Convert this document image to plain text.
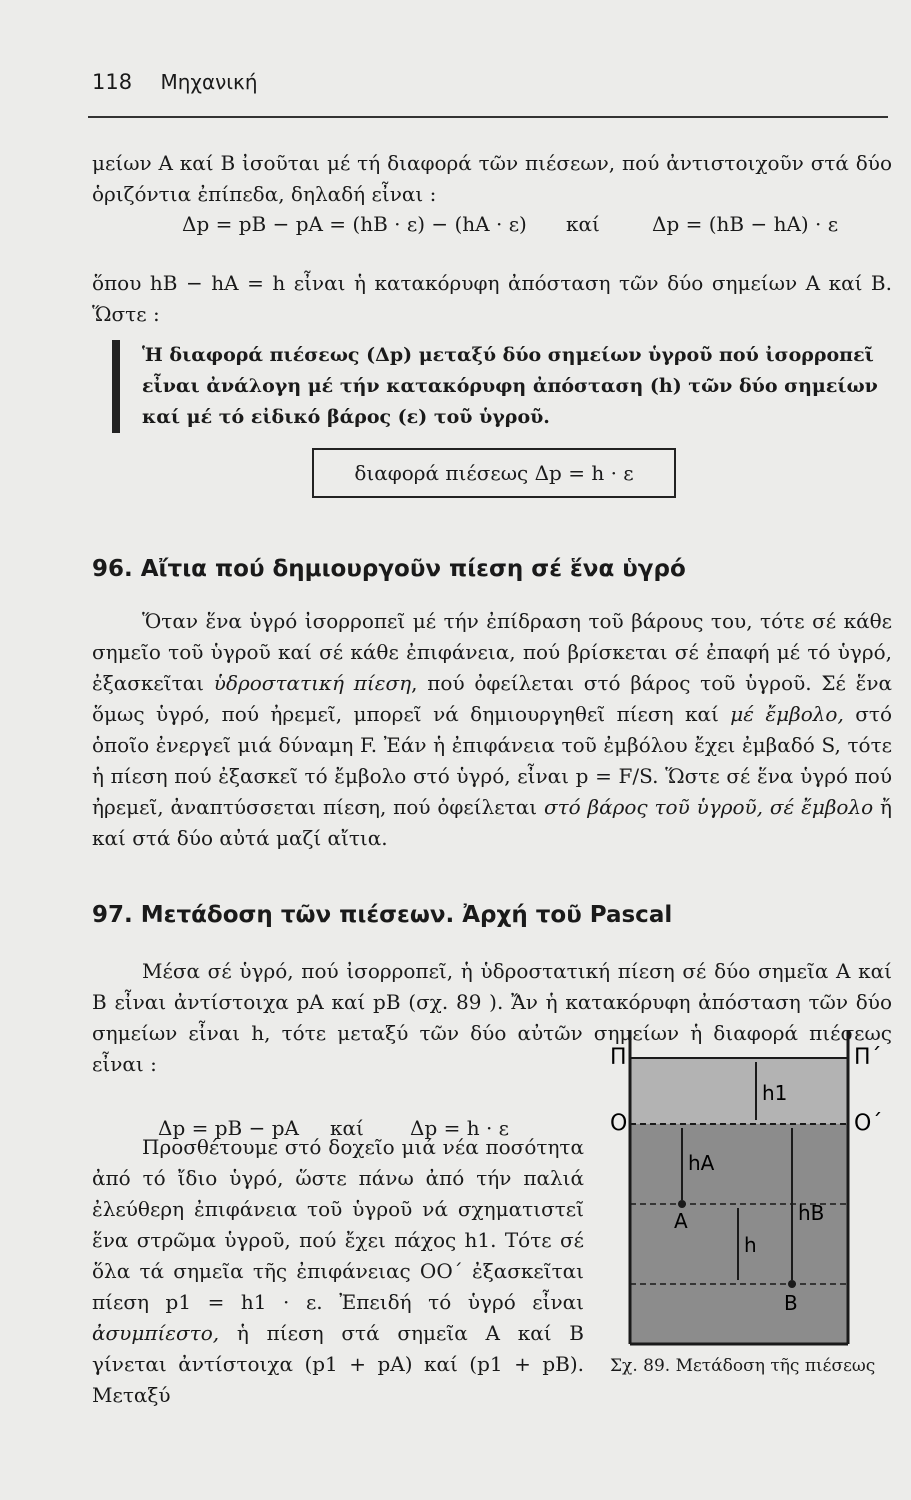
118 Μηχανική
μείων Α καί Β ἰσοῦται μέ τή διαφορά τῶν πιέσεων, πού ἀντιστοιχοῦν στά δύο ὁριζόντια ἐπίπεδα, δηλαδή εἶναι :
Δp = pB − pA = (hB · ε) − (hA · ε) καί	Δp = (hB − hA) · ε
ὅπου hB − hA = h εἶναι ἡ κατακόρυφη ἀπόσταση τῶν δύο σημείων Α καί Β. Ὥστε :
Ἡ διαφορά πιέσεως (Δp) μεταξύ δύο σημείων ὑγροῦ πού ἰσορροπεῖ εἶναι ἀνάλογη μέ τήν κατακόρυφη ἀπόσταση (h) τῶν δύο σημείων καί μέ τό εἰδικό βάρος (ε) τοῦ ὑγροῦ.
διαφορά πιέσεως Δp = h · ε
96. Αἴτια πού δημιουργοῦν πίεση σέ ἕνα ὑγρό
Ὅταν ἕνα ὑγρό ἰσορροπεῖ μέ τήν ἐπίδραση τοῦ βάρους του, τότε σέ κάθε σημεῖο τοῦ ὑγροῦ καί σέ κάθε ἐπιφάνεια, πού βρίσκεται σέ ἐπαφή μέ τό ὑγρό, ἐξασκεῖται ὑδροστατική πίεση, πού ὀφείλεται στό βάρος τοῦ ὑγροῦ. Σέ ἕνα ὅμως ὑγρό, πού ἠρεμεῖ, μπορεῖ νά δημιουργηθεῖ πίεση καί μέ ἔμβολο, στό ὁποῖο ἐνεργεῖ μιά δύναμη F. Ἐάν ἡ ἐπιφάνεια τοῦ ἐμβόλου ἔχει ἐμβαδό S, τότε ἡ πίεση πού ἐξασκεῖ τό ἔμβολο στό ὑγρό, εἶναι p = F/S. Ὥστε σέ ἕνα ὑγρό πού ἠρεμεῖ, ἀναπτύσσεται πίεση, πού ὀφείλεται στό βάρος τοῦ ὑγροῦ, σέ ἔμβολο ἤ καί στά δύο αὐτά μαζί αἴτια.
97. Μετάδοση τῶν πιέσεων. Ἀρχή τοῦ Pascal
Μέσα σέ ὑγρό, πού ἰσορροπεῖ, ἡ ὑδροστατική πίεση σέ δύο σημεῖα Α καί Β εἶναι ἀντίστοιχα pA καί pB (σχ. 89 ). Ἄν ἡ κατακόρυφη ἀπόσταση τῶν δύο σημείων εἶναι h, τότε μεταξύ τῶν δύο αὐτῶν σημείων ἡ διαφορά πιέσεως εἶναι :
Δp = pB − pA καί Δp = h · ε
Προσθέτουμε στό δοχεῖο μιά νέα ποσότητα ἀπό τό ἴδιο ὑγρό, ὥστε πάνω ἀπό τήν παλιά ἐλεύθερη ἐπιφάνεια τοῦ ὑγροῦ νά σχηματιστεῖ ἕνα στρῶμα ὑγροῦ, πού ἔχει πάχος h1. Τότε σέ ὅλα τά σημεῖα τῆς ἐπιφάνειας ΟΟ΄ ἐξασκεῖται πίεση p1 = h1 · ε. Ἐπειδή τό ὑγρό εἶναι ἀσυμπίεστο, ἡ πίεση στά σημεῖα Α καί Β γίνεται ἀντίστοιχα (p1 + pA) καί (p1 + pB). Μεταξύ
Π	Π΄
Ο	Ο΄
h1
hA
hB
h
A
B
Σχ. 89. Μετάδοση τῆς πιέσεως
